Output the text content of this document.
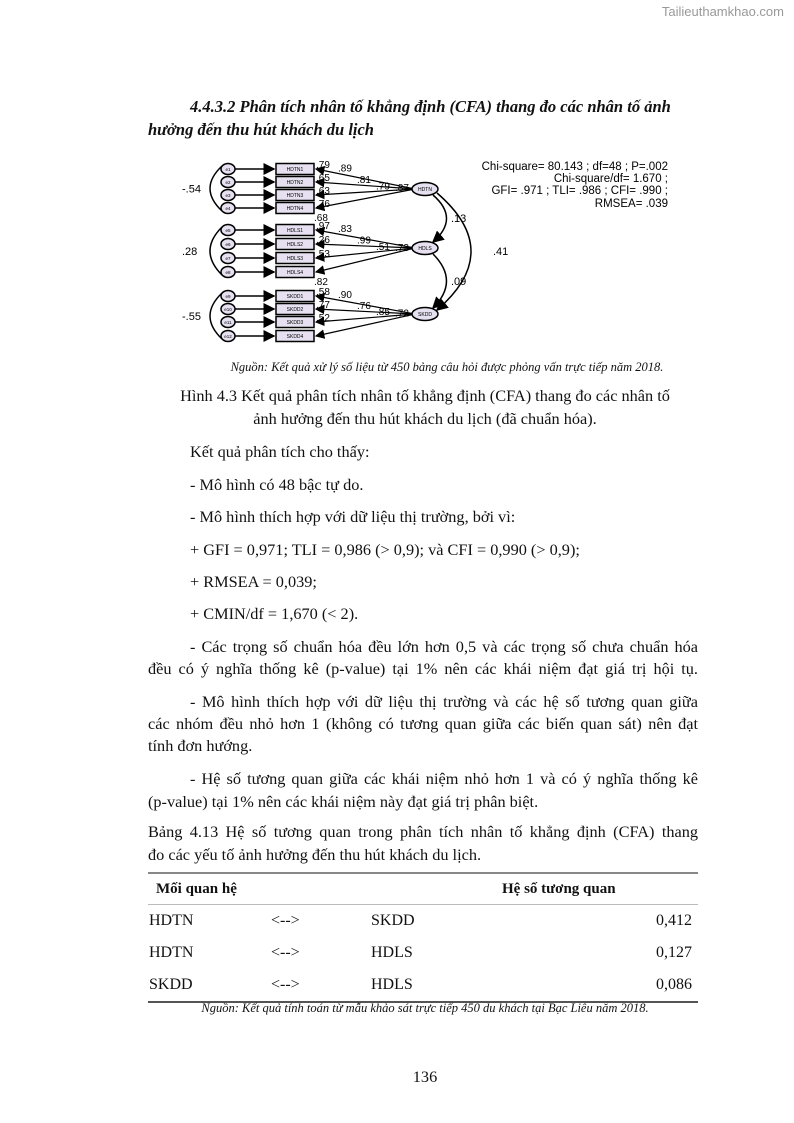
Tailieuthamkhao.com
4.4.3.2 Phân tích nhân tố khẳng định (CFA) thang đo các nhân tố ảnh
hưởng đến thu hút khách du lịch
e1	HDTN1 .79 .89
e2	HDTN2 .65	.81
e3	HDTN3 .63	.79
e4	HDTN4 .76
.87
.68
-.54	HDTN
e5	HDLS1 .97 .83
e6	HDLS2 .26	.99
e7	HDLS3 .53
.51
e8	HDLS4
.73
.82
.28	HDLS
e9	SKDD1 .58 .90
e10	SKDD2 .77	.76
e11	SKDD3 .52
.85
e12	SKDD4
.72
-.55	SKDD
.13
.41
.09
Chi-square= 80.143 ; df=48 ; P=.002
Chi-square/df= 1.670 ;
GFI= .971 ; TLI= .986 ; CFI= .990 ;
RMSEA= .039
Nguồn: Kết quả xử lý số liệu từ 450 bảng câu hỏi được phỏng vấn trực tiếp năm 2018.
Hình 4.3 Kết quả phân tích nhân tố khẳng định (CFA) thang đo các nhân tố
ảnh hưởng đến thu hút khách du lịch (đã chuẩn hóa).
Kết quả phân tích cho thấy:
- Mô hình có 48 bậc tự do.
- Mô hình thích hợp với dữ liệu thị trường, bởi vì:
+ GFI = 0,971; TLI = 0,986 (> 0,9); và CFI = 0,990 (> 0,9);
+ RMSEA = 0,039;
+ CMIN/df = 1,670 (< 2).
- Các trọng số chuẩn hóa đều lớn hơn 0,5 và các trọng số chưa chuẩn hóa
đều có ý nghĩa thống kê (p-value) tại 1% nên các khái niệm đạt giá trị hội tụ.
- Mô hình thích hợp với dữ liệu thị trường và các hệ số tương quan giữa
các nhóm đều nhỏ hơn 1 (không có tương quan giữa các biến quan sát) nên đạt
tính đơn hướng.
- Hệ số tương quan giữa các khái niệm nhỏ hơn 1 và có ý nghĩa thống kê
(p-value) tại 1% nên các khái niệm này đạt giá trị phân biệt.
Bảng 4.13 Hệ số tương quan trong phân tích nhân tố khẳng định (CFA) thang
đo các yếu tố ảnh hưởng đến thu hút khách du lịch.
Mối quan hệ			Hệ số tương quan
HDTN	<-->	SKDD	0,412
HDTN	<-->	HDLS	0,127
SKDD	<-->	HDLS	0,086
Nguồn: Kết quả tính toán từ mẫu khảo sát trực tiếp 450 du khách tại Bạc Liêu năm 2018.
136
